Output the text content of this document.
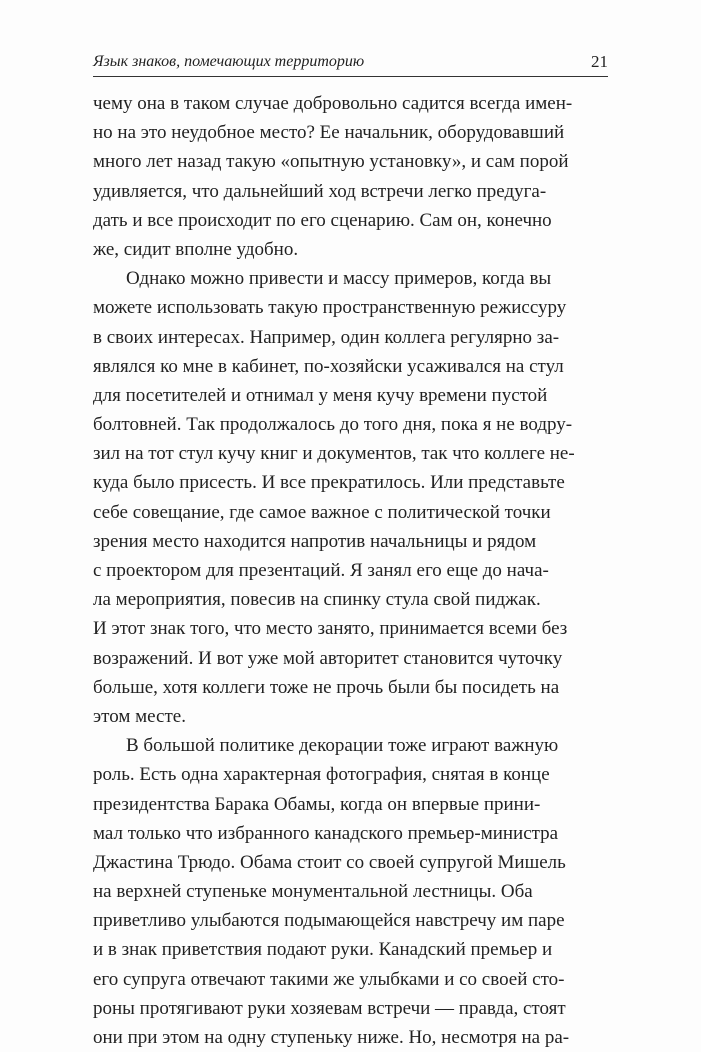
Язык знаков, помечающих территорию	21
чему она в таком случае добровольно садится всегда имен-
но на это неудобное место? Ее начальник, оборудовавший
много лет назад такую «опытную установку», и сам порой
удивляется, что дальнейший ход встречи легко предуга-
дать и все происходит по его сценарию. Сам он, конечно
же, сидит вполне удобно.
Однако можно привести и массу примеров, когда вы
можете использовать такую пространственную режиссуру
в своих интересах. Например, один коллега регулярно за-
являлся ко мне в кабинет, по-хозяйски усаживался на стул
для посетителей и отнимал у меня кучу времени пустой
болтовней. Так продолжалось до того дня, пока я не водру-
зил на тот стул кучу книг и документов, так что коллеге не-
куда было присесть. И все прекратилось. Или представьте
себе совещание, где самое важное с политической точки
зрения место находится напротив начальницы и рядом
с проектором для презентаций. Я занял его еще до нача-
ла мероприятия, повесив на спинку стула свой пиджак.
И этот знак того, что место занято, принимается всеми без
возражений. И вот уже мой авторитет становится чуточку
больше, хотя коллеги тоже не прочь были бы посидеть на
этом месте.
В большой политике декорации тоже играют важную
роль. Есть одна характерная фотография, снятая в конце
президентства Барака Обамы, когда он впервые прини-
мал только что избранного канадского премьер-министра
Джастина Трюдо. Обама стоит со своей супругой Мишель
на верхней ступеньке монументальной лестницы. Оба
приветливо улыбаются подымающейся навстречу им паре
и в знак приветствия подают руки. Канадский премьер и
его супруга отвечают такими же улыбками и со своей сто-
роны протягивают руки хозяевам встречи — правда, стоят
они при этом на одну ступеньку ниже. Но, несмотря на ра-
